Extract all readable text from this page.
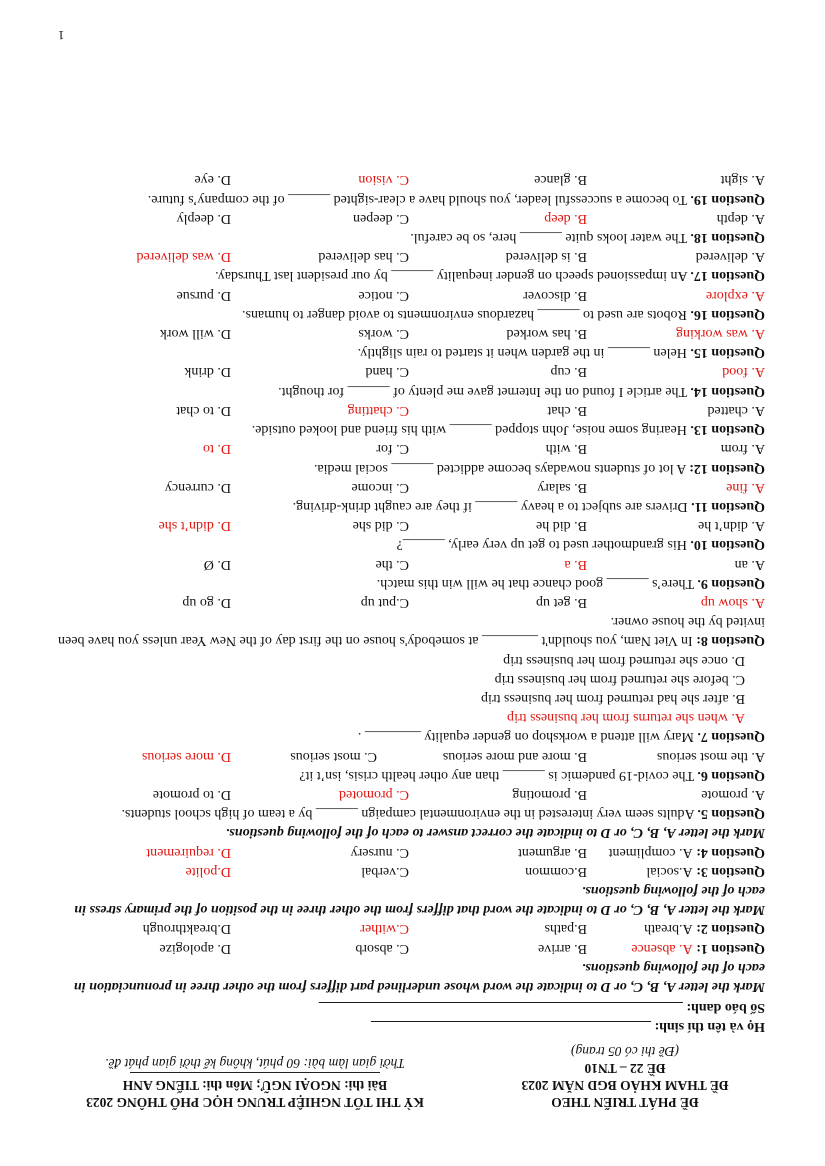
ĐỀ PHÁT TRIỂN THEO
ĐỀ THAM KHẢO BGD NĂM 2023
ĐỀ 22 – TN10
(Đề thi có 05 trang)
KỲ THI TỐT NGHIỆP TRUNG HỌC PHỔ THÔNG 2023
Bài thi: NGOẠI NGỮ; Môn thi: TIẾNG ANH
Thời gian làm bài: 60 phút, không kể thời gian phát đề.
Họ và tên thí sinh: ________________________________________
Số báo danh: ____________________________________________________
Mark the letter A, B, C, or D to indicate the word whose underlined part differs from the other three in pronunciation in each of the following questions.
Question 1: A. absence
B. arrive
C. absorb
D. apologize
Question 2: A.breath
B.paths
C.wither
D.breakthrough
Mark the letter A, B, C, or D to indicate the word that differs from the other three in the position of the primary stress in each of the following questions.
Question 3: A.social
B.common
C.verbal
D.polite
Question 4: A. compliment
B. argument
C. nursery
D. requirement
Mark the letter A, B, C, or D to indicate the correct answer to each of the following questions.
Question 5. Adults seem very interested in the environmental campaign ______ by a team of high school students.
A. promote
B. promoting
C. promoted
D. to promote
Question 6. The covid-19 pandemic is ______ than any other health crisis, isn’t it?
A. the most serious
B. more and more serious
C. most serious
D. more serious
Question 7. Mary will attend a workshop on gender equality ________ .
A. when she returns from her business trip
B. after she had returned from her business trip
C. before she returned from her business trip
D. once she returned from her business trip
Question 8: In Viet Nam, you shouldn't ________ at somebody's house on the first day of the New Year unless you have been invited by the house owner.
A. show up
B. get up
C.put up
D. go up
Question 9. There’s ______ good chance that he will win this match.
A. an
B. a
C. the
D. Ø
Question 10. His grandmother used to get up very early, ______?
A. didn’t he
B. did he
C. did she
D. didn’t she
Question 11. Drivers are subject to a heavy ______ if they are caught drink-driving.
A. fine
B. salary
C. income
D. currency
Question 12: A lot of students nowadays become addicted ______ social media.
A. from
B. with
C. for
D. to
Question 13. Hearing some noise, John stopped ______ with his friend and looked outside.
A. chatted
B. chat
C. chatting
D. to chat
Question 14. The article I found on the Internet gave me plenty of ______ for thought.
A. food
B. cup
C. hand
D. drink
Question 15. Helen ______ in the garden when it started to rain slightly.
A. was working
B. has worked
C. works
D. will work
Question 16. Robots are used to ______ hazardous environments to avoid danger to humans.
A. explore
B. discover
C. notice
D. pursue
Question 17. An impassioned speech on gender inequality ______ by our president last Thursday.
A. delivered
B. is delivered
C. has delivered
D. was delivered
Question 18. The water looks quite ______ here, so be careful.
A. depth
B. deep
C. deepen
D. deeply
Question 19. To become a successful leader, you should have a clear-sighted ______ of the company’s future.
A. sight
B. glance
C. vision
D. eye
1
